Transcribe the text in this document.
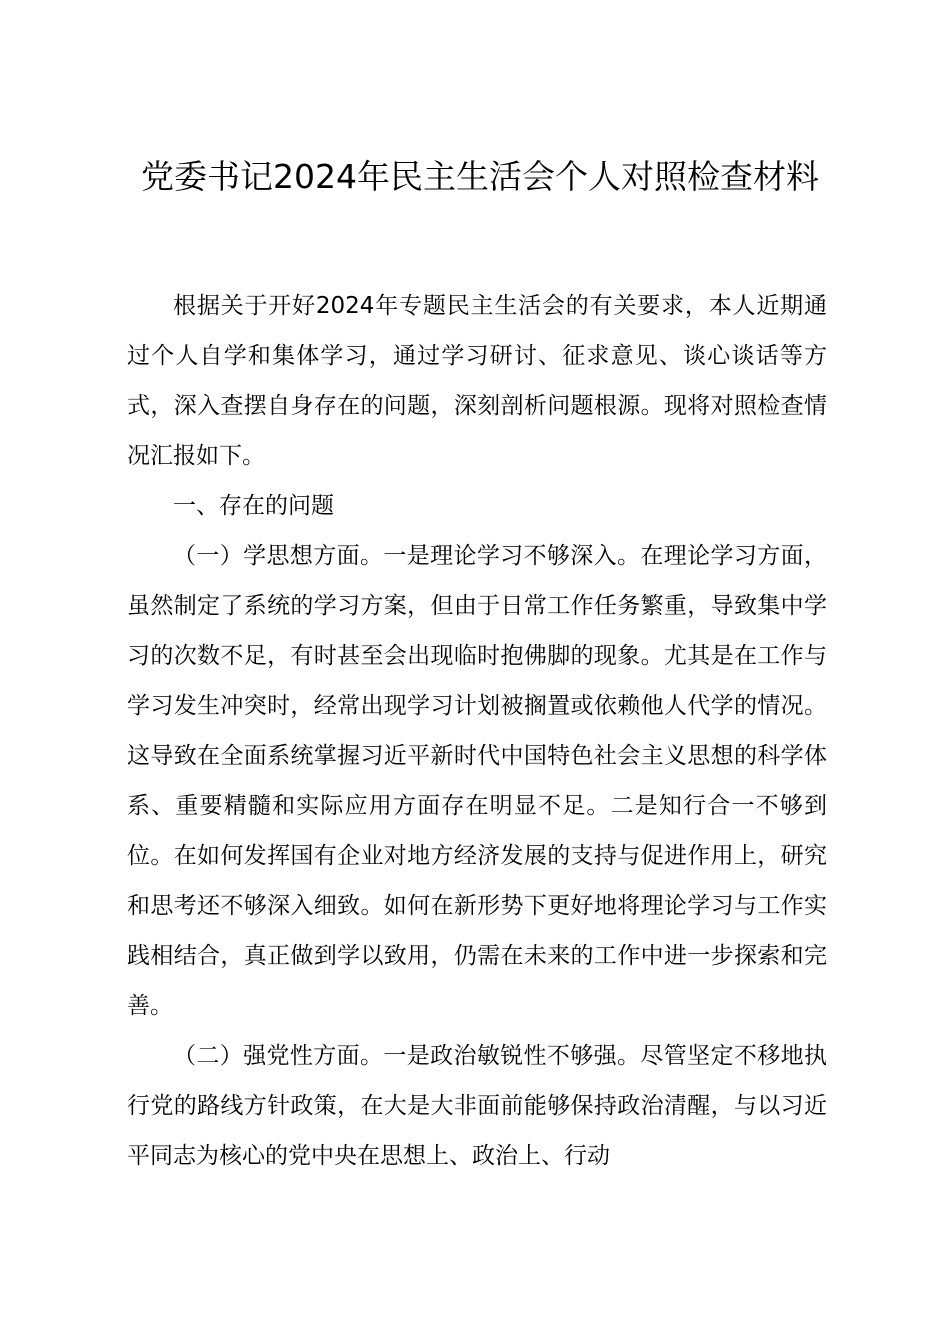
党委书记2024年民主生活会个人对照检查材料

根据关于开好2024年专题民主生活会的有关要求，本人近期通过个人自学和集体学习，通过学习研讨、征求意见、谈心谈话等方式，深入查摆自身存在的问题，深刻剖析问题根源。现将对照检查情况汇报如下。

一、存在的问题

（一）学思想方面。一是理论学习不够深入。在理论学习方面，虽然制定了系统的学习方案，但由于日常工作任务繁重，导致集中学习的次数不足，有时甚至会出现临时抱佛脚的现象。尤其是在工作与学习发生冲突时，经常出现学习计划被搁置或依赖他人代学的情况。这导致在全面系统掌握习近平新时代中国特色社会主义思想的科学体系、重要精髓和实际应用方面存在明显不足。二是知行合一不够到位。在如何发挥国有企业对地方经济发展的支持与促进作用上，研究和思考还不够深入细致。如何在新形势下更好地将理论学习与工作实践相结合，真正做到学以致用，仍需在未来的工作中进一步探索和完善。

（二）强党性方面。一是政治敏锐性不够强。尽管坚定不移地执行党的路线方针政策，在大是大非面前能够保持政治清醒，与以习近平同志为核心的党中央在思想上、政治上、行动
